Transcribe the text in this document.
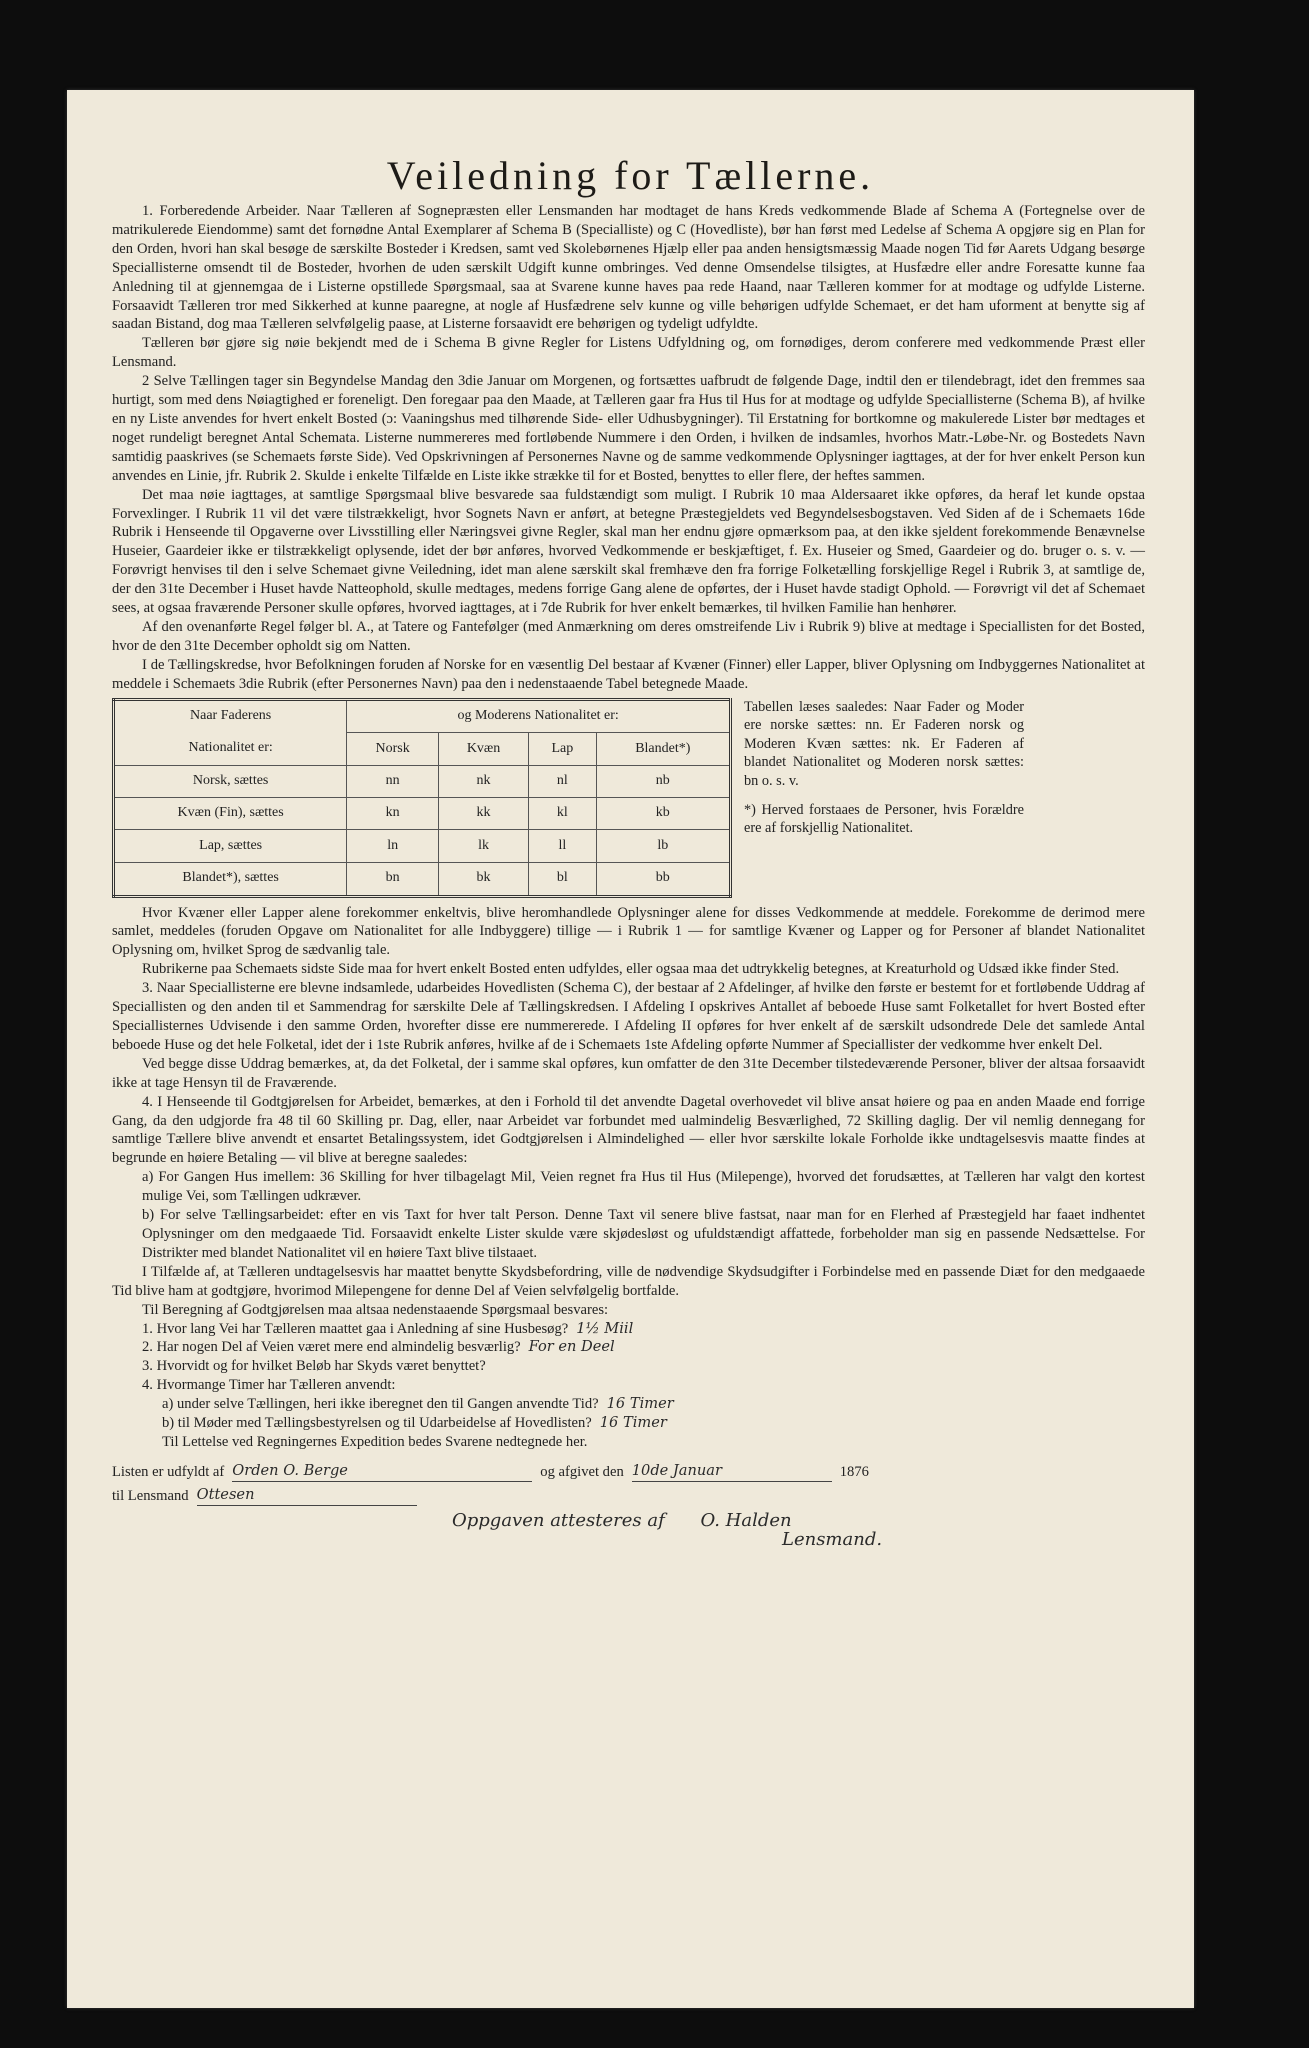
Veiledning for Tællerne.

1. Forberedende Arbeider. Naar Tælleren af Sognepræsten eller Lensmanden har modtaget de hans Kreds vedkommende Blade af Schema A (Fortegnelse over de matrikulerede Eiendomme) samt det fornødne Antal Exemplarer af Schema B (Specialliste) og C (Hovedliste), bør han først med Ledelse af Schema A opgjøre sig en Plan for den Orden, hvori han skal besøge de særskilte Bosteder i Kredsen, samt ved Skolebørnenes Hjælp eller paa anden hensigtsmæssig Maade nogen Tid før Aarets Udgang besørge Speciallisterne omsendt til de Bosteder, hvorhen de uden særskilt Udgift kunne ombringes. Ved denne Omsendelse tilsigtes, at Husfædre eller andre Foresatte kunne faa Anledning til at gjennemgaa de i Listerne opstillede Spørgsmaal, saa at Svarene kunne haves paa rede Haand, naar Tælleren kommer for at modtage og udfylde Listerne. Forsaavidt Tælleren tror med Sikkerhed at kunne paaregne, at nogle af Husfædrene selv kunne og ville behørigen udfylde Schemaet, er det ham uforment at benytte sig af saadan Bistand, dog maa Tælleren selvfølgelig paase, at Listerne forsaavidt ere behørigen og tydeligt udfyldte.

Tælleren bør gjøre sig nøie bekjendt med de i Schema B givne Regler for Listens Udfyldning og, om fornødiges, derom conferere med vedkommende Præst eller Lensmand.

2 Selve Tællingen tager sin Begyndelse Mandag den 3die Januar om Morgenen, og fortsættes uafbrudt de følgende Dage, indtil den er tilendebragt, idet den fremmes saa hurtigt, som med dens Nøiagtighed er foreneligt. Den foregaar paa den Maade, at Tælleren gaar fra Hus til Hus for at modtage og udfylde Speciallisterne (Schema B), af hvilke en ny Liste anvendes for hvert enkelt Bosted (ɔ: Vaaningshus med tilhørende Side- eller Udhusbygninger). Til Erstatning for bortkomne og makulerede Lister bør medtages et noget rundeligt beregnet Antal Schemata. Listerne nummereres med fortløbende Nummere i den Orden, i hvilken de indsamles, hvorhos Matr.-Løbe-Nr. og Bostedets Navn samtidig paaskrives (se Schemaets første Side). Ved Opskrivningen af Personernes Navne og de samme vedkommende Oplysninger iagttages, at der for hver enkelt Person kun anvendes en Linie, jfr. Rubrik 2. Skulde i enkelte Tilfælde en Liste ikke strække til for et Bosted, benyttes to eller flere, der heftes sammen.

Det maa nøie iagttages, at samtlige Spørgsmaal blive besvarede saa fuldstændigt som muligt. I Rubrik 10 maa Aldersaaret ikke opføres, da heraf let kunde opstaa Forvexlinger. I Rubrik 11 vil det være tilstrækkeligt, hvor Sognets Navn er anført, at betegne Præstegjeldets ved Begyndelsesbogstaven. Ved Siden af de i Schemaets 16de Rubrik i Henseende til Opgaverne over Livsstilling eller Næringsvei givne Regler, skal man her endnu gjøre opmærksom paa, at den ikke sjeldent forekommende Benævnelse Huseier, Gaardeier ikke er tilstrækkeligt oplysende, idet der bør anføres, hvorved Vedkommende er beskjæftiget, f. Ex. Huseier og Smed, Gaardeier og do. bruger o. s. v. — Forøvrigt henvises til den i selve Schemaet givne Veiledning, idet man alene særskilt skal fremhæve den fra forrige Folketælling forskjellige Regel i Rubrik 3, at samtlige de, der den 31te December i Huset havde Natteophold, skulle medtages, medens forrige Gang alene de opførtes, der i Huset havde stadigt Ophold. — Forøvrigt vil det af Schemaet sees, at ogsaa fraværende Personer skulle opføres, hvorved iagttages, at i 7de Rubrik for hver enkelt bemærkes, til hvilken Familie han henhører.

Af den ovenanførte Regel følger bl. A., at Tatere og Fantefølger (med Anmærkning om deres omstreifende Liv i Rubrik 9) blive at medtage i Speciallisten for det Bosted, hvor de den 31te December opholdt sig om Natten.

I de Tællingskredse, hvor Befolkningen foruden af Norske for en væsentlig Del bestaar af Kvæner (Finner) eller Lapper, bliver Oplysning om Indbyggernes Nationalitet at meddele i Schemaets 3die Rubrik (efter Personernes Navn) paa den i nedenstaaende Tabel betegnede Maade.

Naar Faderens	og Moderens Nationalitet er:			
Nationalitet er:	Norsk	Kvæn	Lap	Blandet*)
Norsk, sættes	nn	nk	nl	nb
Kvæn (Fin), sættes	kn	kk	kl	kb
Lap, sættes	ln	lk	ll	lb
Blandet*), sættes	bn	bk	bl	bb
Tabellen læses saaledes: Naar Fader og Moder ere norske sættes: nn. Er Faderen norsk og Moderen Kvæn sættes: nk. Er Faderen af blandet Nationalitet og Moderen norsk sættes: bn o. s. v.
*) Herved forstaaes de Personer, hvis Forældre ere af forskjellig Nationalitet.

Hvor Kvæner eller Lapper alene forekommer enkeltvis, blive heromhandlede Oplysninger alene for disses Vedkommende at meddele. Forekomme de derimod mere samlet, meddeles (foruden Opgave om Nationalitet for alle Indbyggere) tillige — i Rubrik 1 — for samtlige Kvæner og Lapper og for Personer af blandet Nationalitet Oplysning om, hvilket Sprog de sædvanlig tale.

Rubrikerne paa Schemaets sidste Side maa for hvert enkelt Bosted enten udfyldes, eller ogsaa maa det udtrykkelig betegnes, at Kreaturhold og Udsæd ikke finder Sted.

3. Naar Speciallisterne ere blevne indsamlede, udarbeides Hovedlisten (Schema C), der bestaar af 2 Afdelinger, af hvilke den første er bestemt for et fortløbende Uddrag af Speciallisten og den anden til et Sammendrag for særskilte Dele af Tællingskredsen. I Afdeling I opskrives Antallet af beboede Huse samt Folketallet for hvert Bosted efter Speciallisternes Udvisende i den samme Orden, hvorefter disse ere nummererede. I Afdeling II opføres for hver enkelt af de særskilt udsondrede Dele det samlede Antal beboede Huse og det hele Folketal, idet der i 1ste Rubrik anføres, hvilke af de i Schemaets 1ste Afdeling opførte Nummer af Speciallister der vedkomme hver enkelt Del.

Ved begge disse Uddrag bemærkes, at, da det Folketal, der i samme skal opføres, kun omfatter de den 31te December tilstedeværende Personer, bliver der altsaa forsaavidt ikke at tage Hensyn til de Fraværende.

4. I Henseende til Godtgjørelsen for Arbeidet, bemærkes, at den i Forhold til det anvendte Dagetal overhovedet vil blive ansat høiere og paa en anden Maade end forrige Gang, da den udgjorde fra 48 til 60 Skilling pr. Dag, eller, naar Arbeidet var forbundet med ualmindelig Besværlighed, 72 Skilling daglig. Der vil nemlig dennegang for samtlige Tællere blive anvendt et ensartet Betalingssystem, idet Godtgjørelsen i Almindelighed — eller hvor særskilte lokale Forholde ikke undtagelsesvis maatte findes at begrunde en høiere Betaling — vil blive at beregne saaledes:

a) For Gangen Hus imellem: 36 Skilling for hver tilbagelagt Mil, Veien regnet fra Hus til Hus (Milepenge), hvorved det forudsættes, at Tælleren har valgt den kortest mulige Vei, som Tællingen udkræver.
b) For selve Tællingsarbeidet: efter en vis Taxt for hver talt Person. Denne Taxt vil senere blive fastsat, naar man for en Flerhed af Præstegjeld har faaet indhentet Oplysninger om den medgaaede Tid. Forsaavidt enkelte Lister skulde være skjødesløst og ufuldstændigt affattede, forbeholder man sig en passende Nedsættelse. For Distrikter med blandet Nationalitet vil en høiere Taxt blive tilstaaet.

I Tilfælde af, at Tælleren undtagelsesvis har maattet benytte Skydsbefordring, ville de nødvendige Skydsudgifter i Forbindelse med en passende Diæt for den medgaaede Tid blive ham at godtgjøre, hvorimod Milepengene for denne Del af Veien selvfølgelig bortfalde.

Til Beregning af Godtgjørelsen maa altsaa nedenstaaende Spørgsmaal besvares:

1. Hvor lang Vei har Tælleren maattet gaa i Anledning af sine Husbesøg? 1½ Miil
2. Har nogen Del af Veien været mere end almindelig besværlig? For en Deel
3. Hvorvidt og for hvilket Beløb har Skyds været benyttet?
4. Hvormange Timer har Tælleren anvendt:
a) under selve Tællingen, heri ikke iberegnet den til Gangen anvendte Tid? 16 Timer
b) til Møder med Tællingsbestyrelsen og til Udarbeidelse af Hovedlisten? 16 Timer
Til Lettelse ved Regningernes Expedition bedes Svarene nedtegnede her.
Listen er udfyldt af Orden O. Berge	og afgivet den 10de Januar	1876
til Lensmand Ottesen
Oppgaven attesteres af O. Halden
Lensmand.
